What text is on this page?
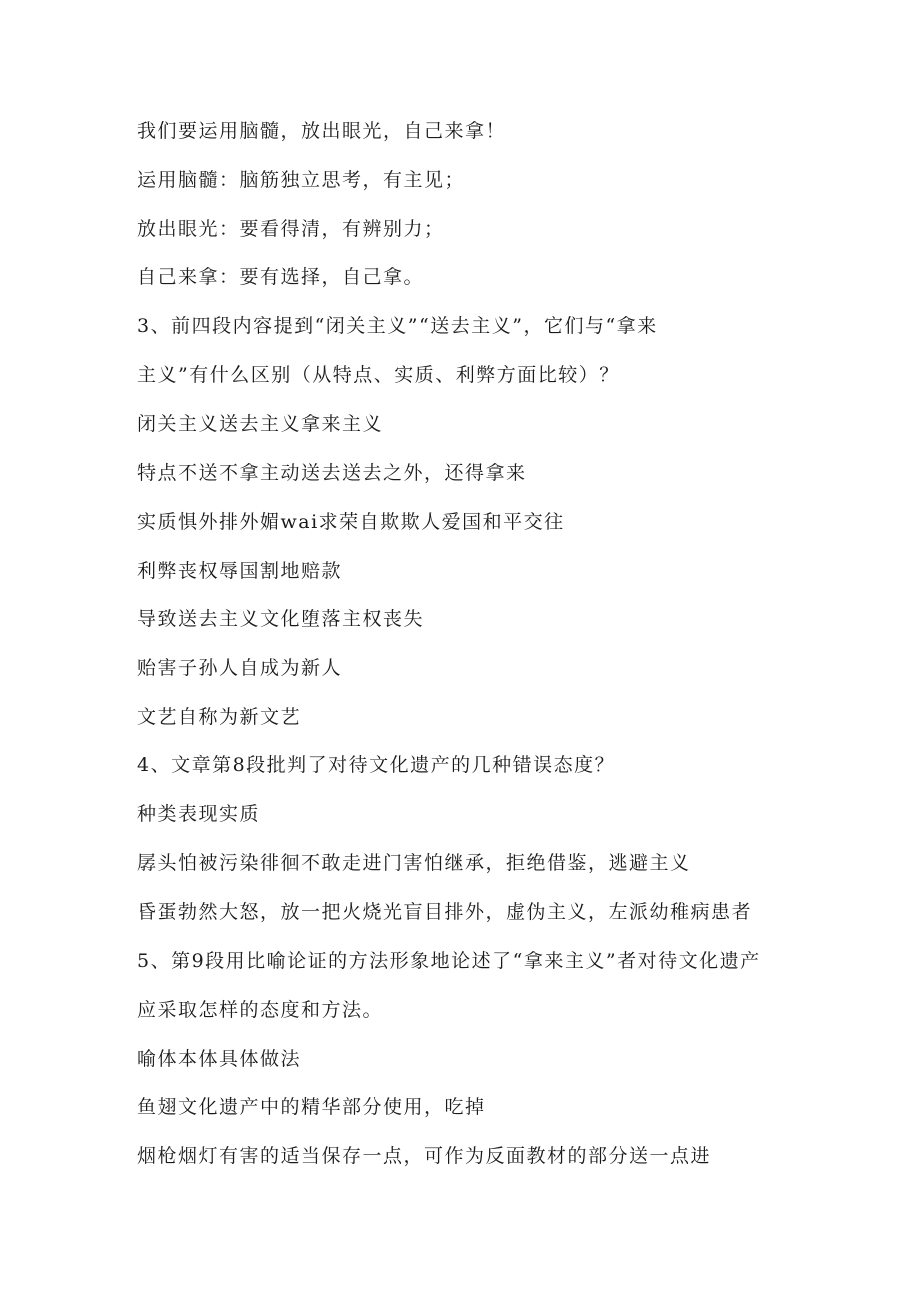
我们要运用脑髓，放出眼光，自己来拿！
运用脑髓：脑筋独立思考，有主见；
放出眼光：要看得清，有辨别力；
自己来拿：要有选择，自己拿。
3、前四段内容提到“闭关主义”“送去主义”，它们与“拿来
主义”有什么区别（从特点、实质、利弊方面比较）？
闭关主义送去主义拿来主义
特点不送不拿主动送去送去之外，还得拿来
实质惧外排外媚wai求荣自欺欺人爱国和平交往
利弊丧权辱国割地赔款
导致送去主义文化堕落主权丧失
贻害子孙人自成为新人
文艺自称为新文艺
4、文章第8段批判了对待文化遗产的几种错误态度？
种类表现实质
孱头怕被污染徘徊不敢走进门害怕继承，拒绝借鉴，逃避主义
昏蛋勃然大怒，放一把火烧光盲目排外，虚伪主义，左派幼稚病患者
5、第9段用比喻论证的方法形象地论述了“拿来主义”者对待文化遗产
应采取怎样的态度和方法。
喻体本体具体做法
鱼翅文化遗产中的精华部分使用，吃掉
烟枪烟灯有害的适当保存一点，可作为反面教材的部分送一点进
